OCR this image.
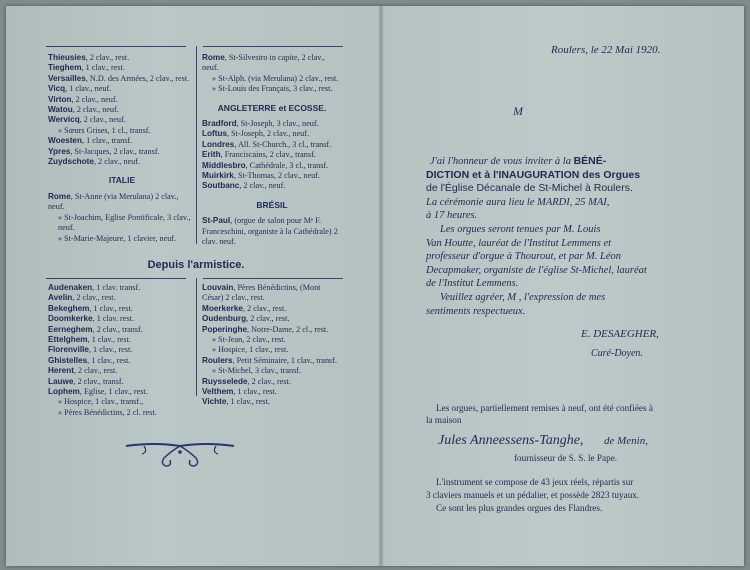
Thieusies, 2 clav., rest.
Tieghem, 1 clav., rest.
Versailles, N.D. des Armées, 2 clav., rest.
Vicq, 1 clav., neuf.
Virton, 2 clav., neuf.
Watou, 2 clav., neuf.
Wervicq, 2 clav., neuf.
» Sœurs Grises, 1 cl., transf.
Woesten, 1 clav., transf.
Ypres, St-Jacques, 2 clav., transf.
Zuydschote, 2 clav., neuf.
ITALIE
Rome, St-Anne (via Merulana) 2 clav., neuf.
» St-Joachim, Eglise Pontificale, 3 clav., neuf.
» St-Marie-Majeure, 1 clavier, neuf.
Rome, St-Silvestro in capite, 2 clav., neuf.
» St-Alph. (via Merulana) 2 clav., rest.
» St-Louis des Français, 3 clav., rest.
ANGLETERRE et ECOSSE.
Bradford, St-Joseph, 3 clav., neuf.
Loftus, St-Joseph, 2 clav., neuf.
Londres, All. St-Church., 3 cl., transf.
Erith, Franciscains, 2 clav., transf.
Middlesbro, Cathédrale, 3 cl., transf.
Muirkirk, St-Thomas, 2 clav., neuf.
Soutbanc, 2 clav., neuf.
BRÉSIL
St-Paul, (orgue de salon pour Mᵉ F. Franceschini, organiste à la Cathédrale) 2 clav. neuf.
Depuis l'armistice.
Audenaken, 1 clav. transf.
Avelin, 2 clav., rest.
Bekeghem, 1 clav., rest.
Doomkerke, 1 clav. rest.
Eerneghem, 2 clav., transf.
Ettelghem, 1 clav., rest.
Florenville, 1 clav., rest.
Ghistelles, 1 clav., rest.
Herent, 2 clav., rest.
Lauwe, 2 clav., transf.
Lophem, Eglise, 1 clav., rest.
» Hospice, 1 clav., transf.,
» Pères Bénédictins, 2 cl. rest.
Louvain, Pères Bénédictins, (Mont César) 2 clav., rest.
Moerkerke, 2 clav., rest.
Oudenburg, 2 clav., rest.
Poperinghe, Notre-Dame, 2 cl., rest.
» St-Jean, 2 clav., rest.
» Hospice, 1 clav., rest.
Roulers, Petit Séminaire, 1 clav., transf.
» St-Michel, 3 clav., transf.
Ruysselede, 2 clav., rest.
Velthem, 1 clav., rest.
Vichte, 1 clav., rest.
Roulers, le 22 Mai 1920.
M
J'ai l'honneur de vous inviter à la BÉNÉ-
DICTION et à l'INAUGURATION des Orgues
de l'Église Décanale de St-Michel à Roulers.
La cérémonie aura lieu le MARDI, 25 MAI,
à 17 heures.
Les orgues seront tenues par M. Louis
Van Houtte, lauréat de l'Institut Lemmens et
professeur d'orgue à Thourout, et par M. Léon
Decapmaker, organiste de l'église St-Michel, lauréat
de l'Institut Lemmens.
Veuillez agréer, M , l'expression de mes
sentiments respectueux.
E. DESAEGHER,
Curé-Doyen.
Les orgues, partiellement remises à neuf, ont été confiées à
la maison
Jules Anneessens-Tanghe, de Menin,
fournisseur de S. S. le Pape.
L'instrument se compose de 43 jeux réels, répartis sur
3 claviers manuels et un pédalier, et possède 2823 tuyaux.
Ce sont les plus grandes orgues des Flandres.
